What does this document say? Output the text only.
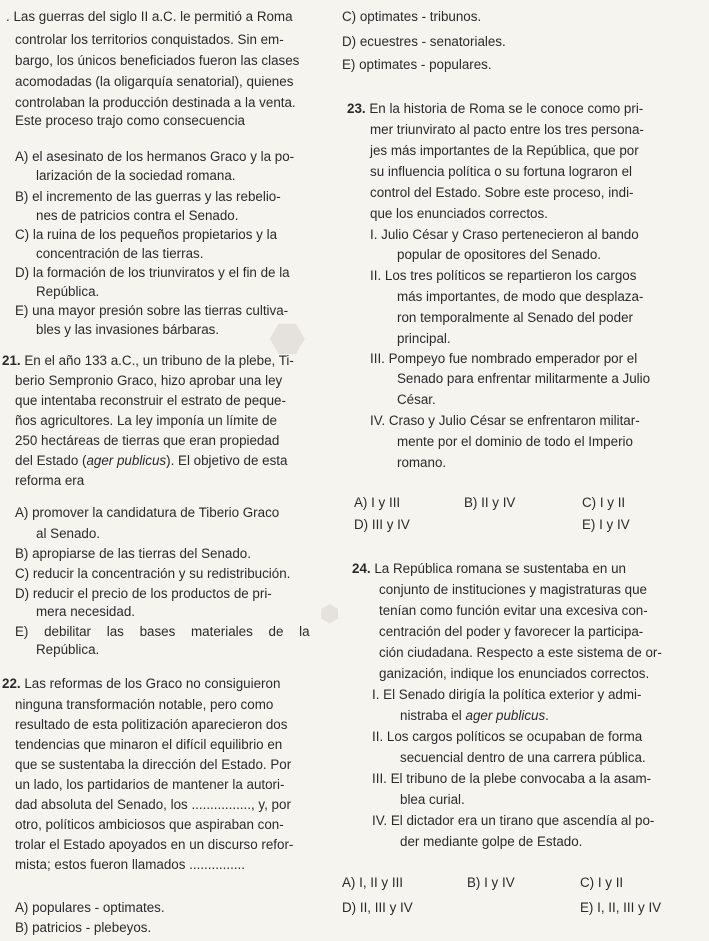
⬢
⬢
. Las guerras del siglo II a.C. le permitió a Roma
controlar los territorios conquistados. Sin em-
bargo, los únicos beneficiados fueron las clases
acomodadas (la oligarquía senatorial), quienes
controlaban la producción destinada a la venta.
Este proceso trajo como consecuencia
A) el asesinato de los hermanos Graco y la po-
larización de la sociedad romana.
B) el incremento de las guerras y las rebelio-
nes de patricios contra el Senado.
C) la ruina de los pequeños propietarios y la
concentración de las tierras.
D) la formación de los triunviratos y el fin de la
República.
E) una mayor presión sobre las tierras cultiva-
bles y las invasiones bárbaras.
21. En el año 133 a.C., un tribuno de la plebe, Ti-
berio Sempronio Graco, hizo aprobar una ley
que intentaba reconstruir el estrato de peque-
ños agricultores. La ley imponía un límite de
250 hectáreas de tierras que eran propiedad
del Estado (ager publicus). El objetivo de esta
reforma era
A) promover la candidatura de Tiberio Graco
al Senado.
B) apropiarse de las tierras del Senado.
C) reducir la concentración y su redistribución.
D) reducir el precio de los productos de pri-
mera necesidad.
E) debilitar las bases materiales de la
República.
22. Las reformas de los Graco no consiguieron
ninguna transformación notable, pero como
resultado de esta politización aparecieron dos
tendencias que minaron el difícil equilibrio en
que se sustentaba la dirección del Estado. Por
un lado, los partidarios de mantener la autori-
dad absoluta del Senado, los ................, y, por
otro, políticos ambiciosos que aspiraban con-
trolar el Estado apoyados en un discurso refor-
mista; estos fueron llamados ...............
A) populares - optimates.
B) patricios - plebeyos.
C) optimates - tribunos.
D) ecuestres - senatoriales.
E) optimates - populares.
23. En la historia de Roma se le conoce como pri-
mer triunvirato al pacto entre los tres persona-
jes más importantes de la República, que por
su influencia política o su fortuna lograron el
control del Estado. Sobre este proceso, indi-
que los enunciados correctos.
I. Julio César y Craso pertenecieron al bando
popular de opositores del Senado.
II. Los tres políticos se repartieron los cargos
más importantes, de modo que desplaza-
ron temporalmente al Senado del poder
principal.
III. Pompeyo fue nombrado emperador por el
Senado para enfrentar militarmente a Julio
César.
IV. Craso y Julio César se enfrentaron militar-
mente por el dominio de todo el Imperio
romano.
A) I y III	B) II y IV	C) I y II
D) III y IV	E) I y IV
24. La República romana se sustentaba en un
conjunto de instituciones y magistraturas que
tenían como función evitar una excesiva con-
centración del poder y favorecer la participa-
ción ciudadana. Respecto a este sistema de or-
ganización, indique los enunciados correctos.
I. El Senado dirigía la política exterior y admi-
nistraba el ager publicus.
II. Los cargos políticos se ocupaban de forma
secuencial dentro de una carrera pública.
III. El tribuno de la plebe convocaba a la asam-
blea curial.
IV. El dictador era un tirano que ascendía al po-
der mediante golpe de Estado.
A) I, II y III	B) I y IV	C) I y II
D) II, III y IV	E) I, II, III y IV
